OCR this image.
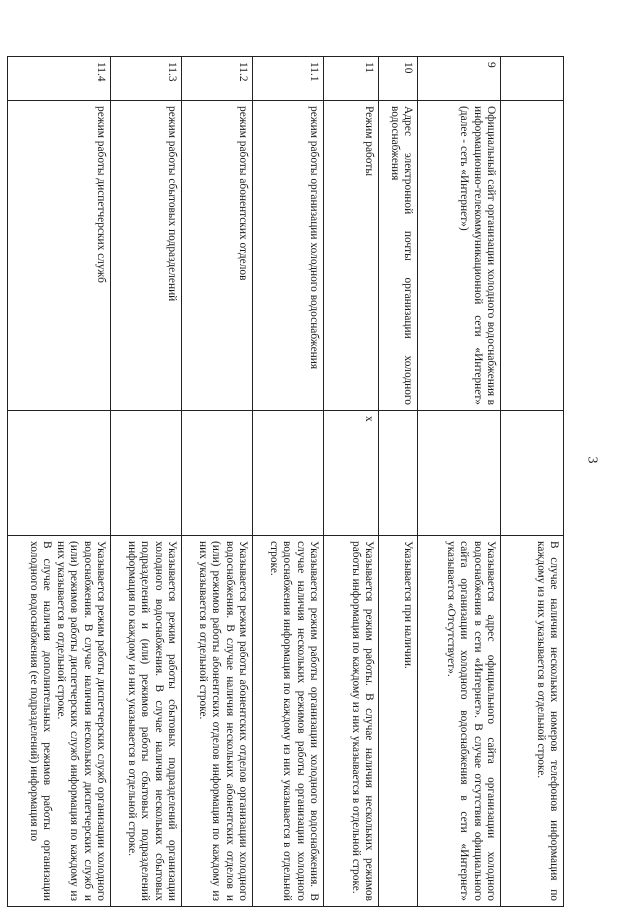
3
			В случае наличия нескольких номеров телефонов информация по каждому из них указывается в отдельной строке.
9	Официальный сайт организации холодного водоснабжения в информационно-телекоммуникационной сети «Интернет» (далее - сеть «Интернет»)		Указывается адрес официального сайта организации холодного водоснабжения в сети «Интернет». В случае отсутствия официального сайта организации холодного водоснабжения в сети «Интернет» указывается «Отсутствует».
10	Адрес электронной почты организации холодного водоснабжения		Указывается при наличии.
11	Режим работы	x	Указывается режим работы. В случае наличия нескольких режимов работы информация по каждому из них указывается в отдельной строке.
11.1	режим работы организации холодного водоснабжения		Указывается режим работы организации холодного водоснабжения. В случае наличия нескольких режимов работы организации холодного водоснабжения информация по каждому из них указывается в отдельной строке.
11.2	режим работы абонентских отделов		Указывается режим работы абонентских отделов организации холодного водоснабжения. В случае наличия нескольких абонентских отделов и (или) режимов работы абонентских отделов информация по каждому из них указывается в отдельной строке.
11.3	режим работы сбытовых подразделений		Указывается режим работы сбытовых подразделений организации холодного водоснабжения. В случае наличия нескольких сбытовых подразделений и (или) режимов работы сбытовых подразделений информация по каждому из них указывается в отдельной строке.
11.4	режим работы диспетчерских служб		Указывается режим работы диспетчерских служб организации холодного водоснабжения. В случае наличия нескольких диспетчерских служб и (или) режимов работы диспетчерских служб информация по каждому из них указывается в отдельной строке.

В случае наличия дополнительных режимов работы организации холодного водоснабжения (ее подразделений) информация по
